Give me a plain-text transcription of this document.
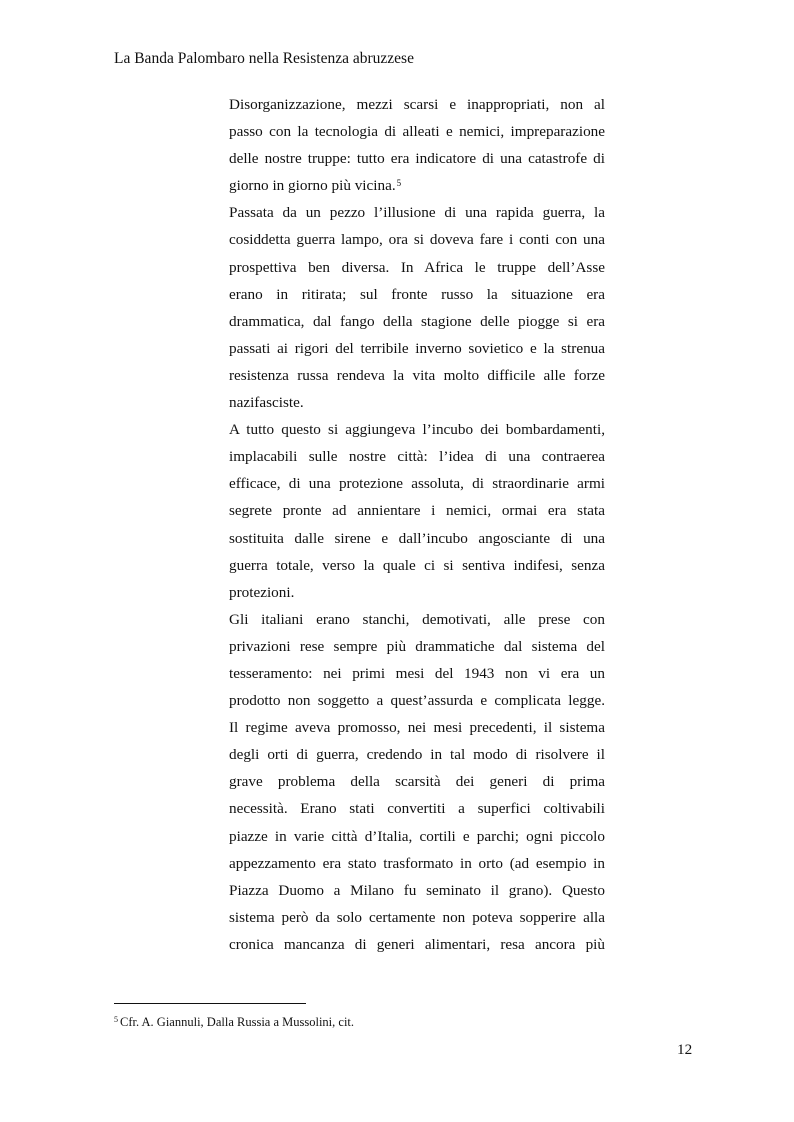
La Banda Palombaro nella Resistenza abruzzese
Disorganizzazione, mezzi scarsi e inappropriati, non al
passo con la tecnologia di alleati e nemici, impreparazione
delle nostre truppe: tutto era indicatore di una catastrofe di
giorno in giorno più vicina.$^5$
Passata da un pezzo l’illusione di una rapida guerra, la
cosiddetta guerra lampo, ora si doveva fare i conti con una
prospettiva ben diversa. In Africa le truppe dell’Asse
erano in ritirata; sul fronte russo la situazione era
drammatica, dal fango della stagione delle piogge si era
passati ai rigori del terribile inverno sovietico e la strenua
resistenza russa rendeva la vita molto difficile alle forze
nazifasciste.
A tutto questo si aggiungeva l’incubo dei bombardamenti,
implacabili sulle nostre città: l’idea di una contraerea
efficace, di una protezione assoluta, di straordinarie armi
segrete pronte ad annientare i nemici, ormai era stata
sostituita dalle sirene e dall’incubo angosciante di una
guerra totale, verso la quale ci si sentiva indifesi, senza
protezioni.
Gli italiani erano stanchi, demotivati, alle prese con
privazioni rese sempre più drammatiche dal sistema del
tesseramento: nei primi mesi del 1943 non vi era un
prodotto non soggetto a quest’assurda e complicata legge.
Il regime aveva promosso, nei mesi precedenti, il sistema
degli orti di guerra, credendo in tal modo di risolvere il
grave problema della scarsità dei generi di prima
necessità. Erano stati convertiti a superfici coltivabili
piazze in varie città d’Italia, cortili e parchi; ogni piccolo
appezzamento era stato trasformato in orto (ad esempio in
Piazza Duomo a Milano fu seminato il grano). Questo
sistema però da solo certamente non poteva sopperire alla
cronica mancanza di generi alimentari, resa ancora più
$^5$ Cfr. A. Giannuli, Dalla Russia a Mussolini, cit.
12
